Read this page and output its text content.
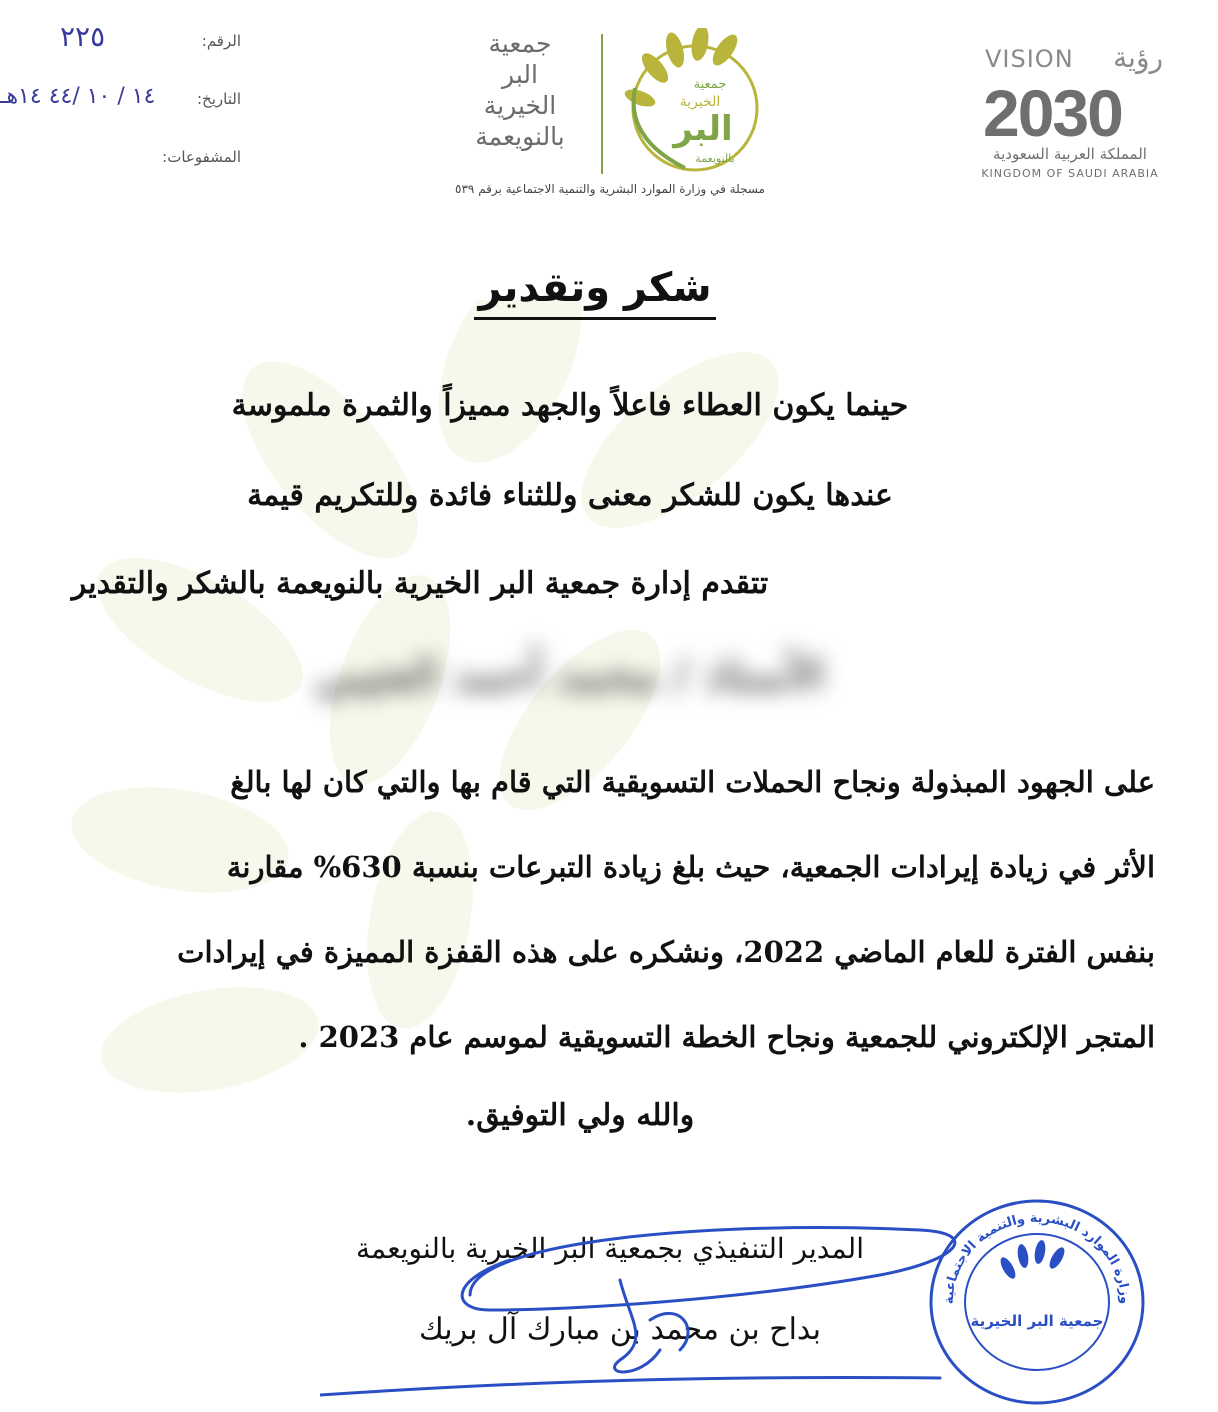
الرقم:
٢٢٥
التاريخ:
١٤ / ١٠ /٤٤ ١٤هـ
المشفوعات:
جمعية
البر
الخيرية
بالنويعمة
جمعية
الخيرية
البر
بالنويعمة
مسجلة في وزارة الموارد البشرية والتنمية الاجتماعية برقم ٥٣٩
VISION رؤية
2030
المملكة العربية السعودية
KINGDOM OF SAUDI ARABIA
شكر وتقدير
حينما يكون العطاء فاعلاً والجهد مميزاً والثمرة ملموسة
عندها يكون للشكر معنى وللثناء فائدة وللتكريم قيمة
تتقدم إدارة جمعية البر الخيرية بالنويعمة بالشكر والتقدير
الأستاذ / محمد أحمد العتيبي
على الجهود المبذولة ونجاح الحملات التسويقية التي قام بها والتي كان لها بالغ
الأثر في زيادة إيرادات الجمعية، حيث بلغ زيادة التبرعات بنسبة 630% مقارنة
بنفس الفترة للعام الماضي 2022، ونشكره على هذه القفزة المميزة في إيرادات
المتجر الإلكتروني للجمعية ونجاح الخطة التسويقية لموسم عام 2023 .
والله ولي التوفيق.
المدير التنفيذي بجمعية البر الخيرية بالنويعمة
بداح بن محمد بن مبارك آل بريك
وزارة الموارد البشرية والتنمية الاجتماعية
جمعية البر الخيرية
